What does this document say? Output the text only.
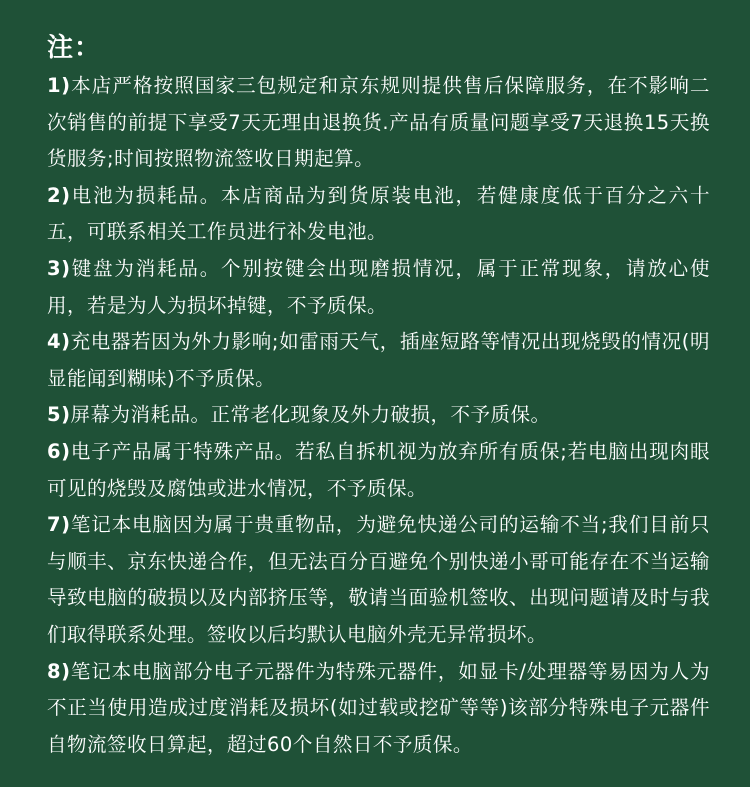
注：

1)本店严格按照国家三包规定和京东规则提供售后保障服务，在不影响二次销售的前提下享受7天无理由退换货.产品有质量问题享受7天退换15天换货服务;时间按照物流签收日期起算。

2)电池为损耗品。本店商品为到货原装电池，若健康度低于百分之六十五，可联系相关工作员进行补发电池。

3)键盘为消耗品。个别按键会出现磨损情况，属于正常现象，请放心使用，若是为人为损坏掉键，不予质保。

4)充电器若因为外力影响;如雷雨天气，插座短路等情况出现烧毁的情况(明显能闻到糊味)不予质保。

5)屏幕为消耗品。正常老化现象及外力破损，不予质保。

6)电子产品属于特殊产品。若私自拆机视为放弃所有质保;若电脑出现肉眼可见的烧毁及腐蚀或进水情况，不予质保。

7)笔记本电脑因为属于贵重物品，为避免快递公司的运输不当;我们目前只与顺丰、京东快递合作，但无法百分百避免个别快递小哥可能存在不当运输导致电脑的破损以及内部挤压等，敬请当面验机签收、出现问题请及时与我们取得联系处理。签收以后均默认电脑外壳无异常损坏。

8)笔记本电脑部分电子元器件为特殊元器件，如显卡/处理器等易因为人为不正当使用造成过度消耗及损坏(如过载或挖矿等等)该部分特殊电子元器件自物流签收日算起，超过60个自然日不予质保。
